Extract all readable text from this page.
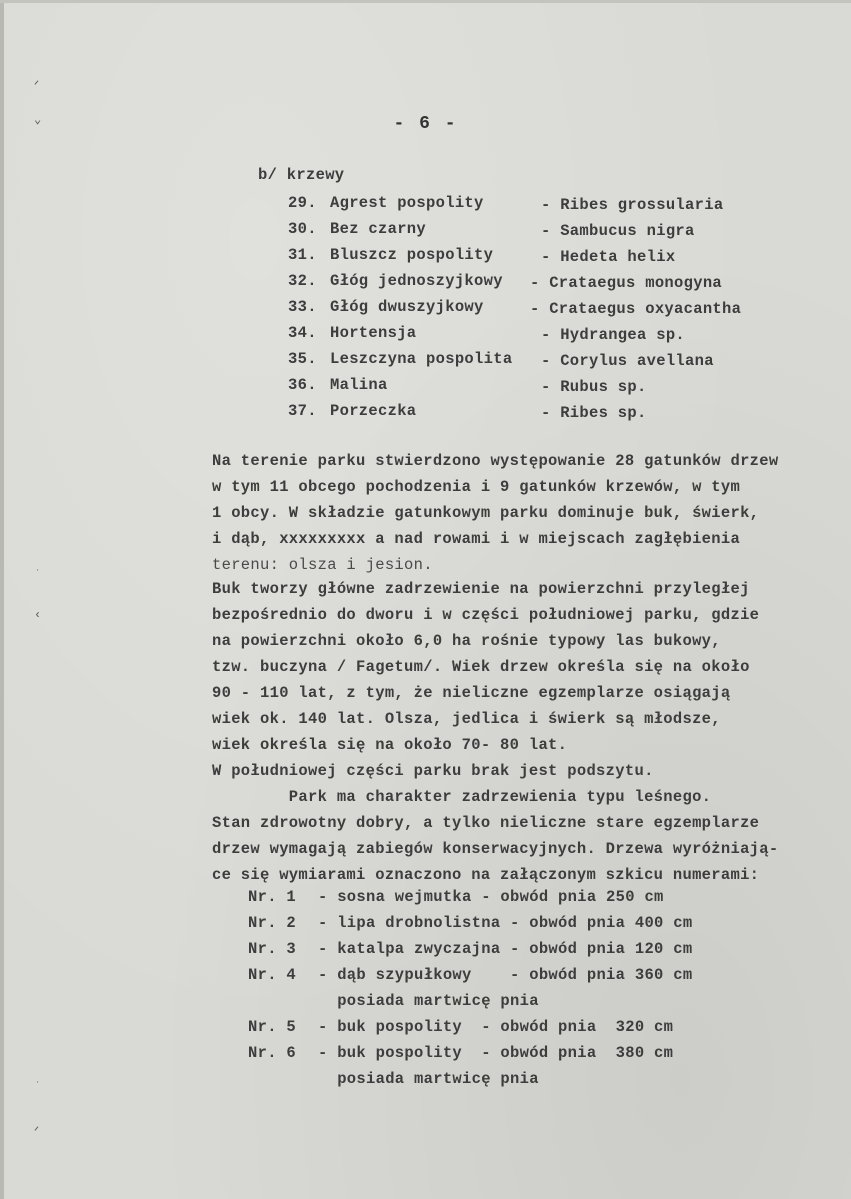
ᐟ
⌄
ˑ
‹
ˑ
ᐟ
- 6 -
b/ krzewy
29. Agrest pospolity	- Ribes grossularia
30. Bez czarny	- Sambucus nigra
31. Bluszcz pospolity	- Hedeta helix
32. Głóg jednoszyjkowy - Crataegus monogyna
33. Głóg dwuszyjkowy	- Crataegus oxyacantha
34. Hortensja	- Hydrangea sp.
35. Leszczyna pospolita - Corylus avellana
36. Malina	- Rubus sp.
37. Porzeczka	- Ribes sp.
Na terenie parku stwierdzono występowanie 28 gatunków drzew
w tym 11 obcego pochodzenia i 9 gatunków krzewów, w tym
1 obcy. W składzie gatunkowym parku dominuje buk, świerk,
i dąb, xxxxxxxxx a nad rowami i w miejscach zagłębienia
terenu: olsza i jesion.
Buk tworzy główne zadrzewienie na powierzchni przyległej
bezpośrednio do dworu i w części południowej parku, gdzie
na powierzchni około 6,0 ha rośnie typowy las bukowy,
tzw. buczyna / Fagetum/. Wiek drzew określa się na około
90 - 110 lat, z tym, że nieliczne egzemplarze osiągają
wiek ok. 140 lat. Olsza, jedlica i świerk są młodsze,
wiek określa się na około 70- 80 lat.
W południowej części parku brak jest podszytu.
Park ma charakter zadrzewienia typu leśnego.
Stan zdrowotny dobry, a tylko nieliczne stare egzemplarze
drzew wymagają zabiegów konserwacyjnych. Drzewa wyróżniają-
ce się wymiarami oznaczono na załączonym szkicu numerami:
Nr. 1 - sosna wejmutka - obwód pnia 250 cm
Nr. 2 - lipa drobnolistna - obwód pnia 400 cm
Nr. 3 - katalpa zwyczajna - obwód pnia 120 cm
Nr. 4 - dąb szypułkowy    - obwód pnia 360 cm
posiada martwicę pnia
Nr. 5 - buk pospolity  - obwód pnia  320 cm
Nr. 6 - buk pospolity  - obwód pnia  380 cm
posiada martwicę pnia
